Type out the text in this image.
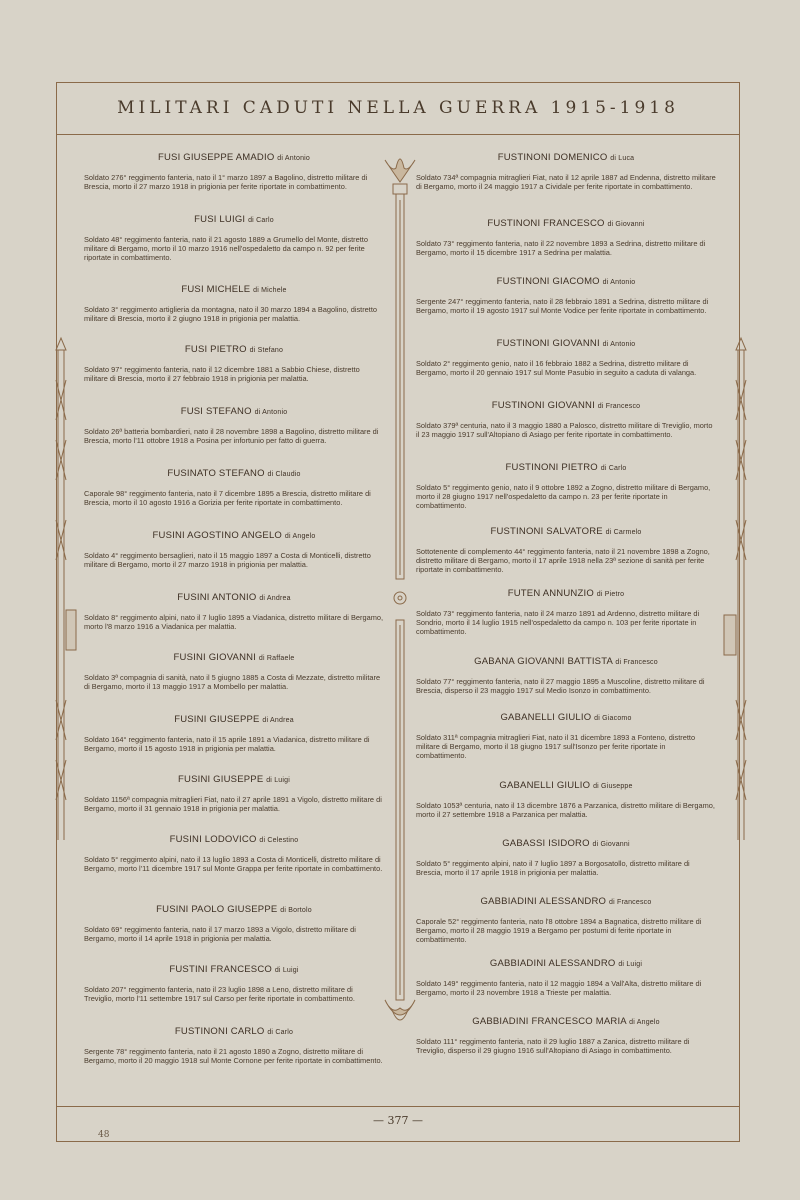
MILITARI CADUTI NELLA GUERRA 1915-1918
FUSI GIUSEPPE AMADIO di Antonio
Soldato 276° reggimento fanteria, nato il 1° marzo 1897 a Bagolino, distretto militare di Brescia, morto il 27 marzo 1918 in prigionia per ferite riportate in combattimento.
FUSI LUIGI di Carlo
Soldato 48° reggimento fanteria, nato il 21 agosto 1889 a Grumello del Monte, distretto militare di Bergamo, morto il 10 marzo 1916 nell'ospedaletto da campo n. 92 per ferite riportate in combattimento.
FUSI MICHELE di Michele
Soldato 3° reggimento artiglieria da montagna, nato il 30 marzo 1894 a Bagolino, distretto militare di Brescia, morto il 2 giugno 1918 in prigionia per malattia.
FUSI PIETRO di Stefano
Soldato 97° reggimento fanteria, nato il 12 dicembre 1881 a Sabbio Chiese, distretto militare di Brescia, morto il 27 febbraio 1918 in prigionia per malattia.
FUSI STEFANO di Antonio
Soldato 26ª batteria bombardieri, nato il 28 novembre 1898 a Bagolino, distretto militare di Brescia, morto l'11 ottobre 1918 a Posina per infortunio per fatto di guerra.
FUSINATO STEFANO di Claudio
Caporale 98° reggimento fanteria, nato il 7 dicembre 1895 a Brescia, distretto militare di Brescia, morto il 10 agosto 1916 a Gorizia per ferite riportate in combattimento.
FUSINI AGOSTINO ANGELO di Angelo
Soldato 4° reggimento bersaglieri, nato il 15 maggio 1897 a Costa di Monticelli, distretto militare di Bergamo, morto il 27 marzo 1918 in prigionia per malattia.
FUSINI ANTONIO di Andrea
Soldato 8° reggimento alpini, nato il 7 luglio 1895 a Viadanica, distretto militare di Bergamo, morto l'8 marzo 1916 a Viadanica per malattia.
FUSINI GIOVANNI di Raffaele
Soldato 3ª compagnia di sanità, nato il 5 giugno 1885 a Costa di Mezzate, distretto militare di Bergamo, morto il 13 maggio 1917 a Mombello per malattia.
FUSINI GIUSEPPE di Andrea
Soldato 164° reggimento fanteria, nato il 15 aprile 1891 a Viadanica, distretto militare di Bergamo, morto il 15 agosto 1918 in prigionia per malattia.
FUSINI GIUSEPPE di Luigi
Soldato 1156ª compagnia mitraglieri Fiat, nato il 27 aprile 1891 a Vigolo, distretto militare di Bergamo, morto il 31 gennaio 1918 in prigionia per malattia.
FUSINI LODOVICO di Celestino
Soldato 5° reggimento alpini, nato il 13 luglio 1893 a Costa di Monticelli, distretto militare di Bergamo, morto l'11 dicembre 1917 sul Monte Grappa per ferite riportate in combattimento.
FUSINI PAOLO GIUSEPPE di Bortolo
Soldato 69° reggimento fanteria, nato il 17 marzo 1893 a Vigolo, distretto militare di Bergamo, morto il 14 aprile 1918 in prigionia per malattia.
FUSTINI FRANCESCO di Luigi
Soldato 207° reggimento fanteria, nato il 23 luglio 1898 a Leno, distretto militare di Treviglio, morto l'11 settembre 1917 sul Carso per ferite riportate in combattimento.
FUSTINONI CARLO di Carlo
Sergente 78° reggimento fanteria, nato il 21 agosto 1890 a Zogno, distretto militare di Bergamo, morto il 20 maggio 1918 sul Monte Cornone per ferite riportate in combattimento.
FUSTINONI DOMENICO di Luca
Soldato 734ª compagnia mitraglieri Fiat, nato il 12 aprile 1887 ad Endenna, distretto militare di Bergamo, morto il 24 maggio 1917 a Cividale per ferite riportate in combattimento.
FUSTINONI FRANCESCO di Giovanni
Soldato 73° reggimento fanteria, nato il 22 novembre 1893 a Sedrina, distretto militare di Bergamo, morto il 15 dicembre 1917 a Sedrina per malattia.
FUSTINONI GIACOMO di Antonio
Sergente 247° reggimento fanteria, nato il 28 febbraio 1891 a Sedrina, distretto militare di Bergamo, morto il 19 agosto 1917 sul Monte Vodice per ferite riportate in combattimento.
FUSTINONI GIOVANNI di Antonio
Soldato 2° reggimento genio, nato il 16 febbraio 1882 a Sedrina, distretto militare di Bergamo, morto il 20 gennaio 1917 sul Monte Pasubio in seguito a caduta di valanga.
FUSTINONI GIOVANNI di Francesco
Soldato 379ª centuria, nato il 3 maggio 1880 a Palosco, distretto militare di Treviglio, morto il 23 maggio 1917 sull'Altopiano di Asiago per ferite riportate in combattimento.
FUSTINONI PIETRO di Carlo
Soldato 5° reggimento genio, nato il 9 ottobre 1892 a Zogno, distretto militare di Bergamo, morto il 28 giugno 1917 nell'ospedaletto da campo n. 23 per ferite riportate in combattimento.
FUSTINONI SALVATORE di Carmelo
Sottotenente di complemento 44° reggimento fanteria, nato il 21 novembre 1898 a Zogno, distretto militare di Bergamo, morto il 17 aprile 1918 nella 23ª sezione di sanità per ferite riportate in combattimento.
FUTEN ANNUNZIO di Pietro
Soldato 73° reggimento fanteria, nato il 24 marzo 1891 ad Ardenno, distretto militare di Sondrio, morto il 14 luglio 1915 nell'ospedaletto da campo n. 103 per ferite riportate in combattimento.
GABANA GIOVANNI BATTISTA di Francesco
Soldato 77° reggimento fanteria, nato il 27 maggio 1895 a Muscoline, distretto militare di Brescia, disperso il 23 maggio 1917 sul Medio Isonzo in combattimento.
GABANELLI GIULIO di Giacomo
Soldato 311ª compagnia mitraglieri Fiat, nato il 31 dicembre 1893 a Fonteno, distretto militare di Bergamo, morto il 18 giugno 1917 sull'Isonzo per ferite riportate in combattimento.
GABANELLI GIULIO di Giuseppe
Soldato 1053ª centuria, nato il 13 dicembre 1876 a Parzanica, distretto militare di Bergamo, morto il 27 settembre 1918 a Parzanica per malattia.
GABASSI ISIDORO di Giovanni
Soldato 5° reggimento alpini, nato il 7 luglio 1897 a Borgosatollo, distretto militare di Brescia, morto il 17 aprile 1918 in prigionia per malattia.
GABBIADINI ALESSANDRO di Francesco
Caporale 52° reggimento fanteria, nato l'8 ottobre 1894 a Bagnatica, distretto militare di Bergamo, morto il 28 maggio 1919 a Bergamo per postumi di ferite riportate in combattimento.
GABBIADINI ALESSANDRO di Luigi
Soldato 149° reggimento fanteria, nato il 12 maggio 1894 a Vall'Alta, distretto militare di Bergamo, morto il 23 novembre 1918 a Trieste per malattia.
GABBIADINI FRANCESCO MARIA di Angelo
Soldato 111° reggimento fanteria, nato il 29 luglio 1887 a Zanica, distretto militare di Treviglio, disperso il 29 giugno 1916 sull'Altopiano di Asiago in combattimento.
— 377 —
48
